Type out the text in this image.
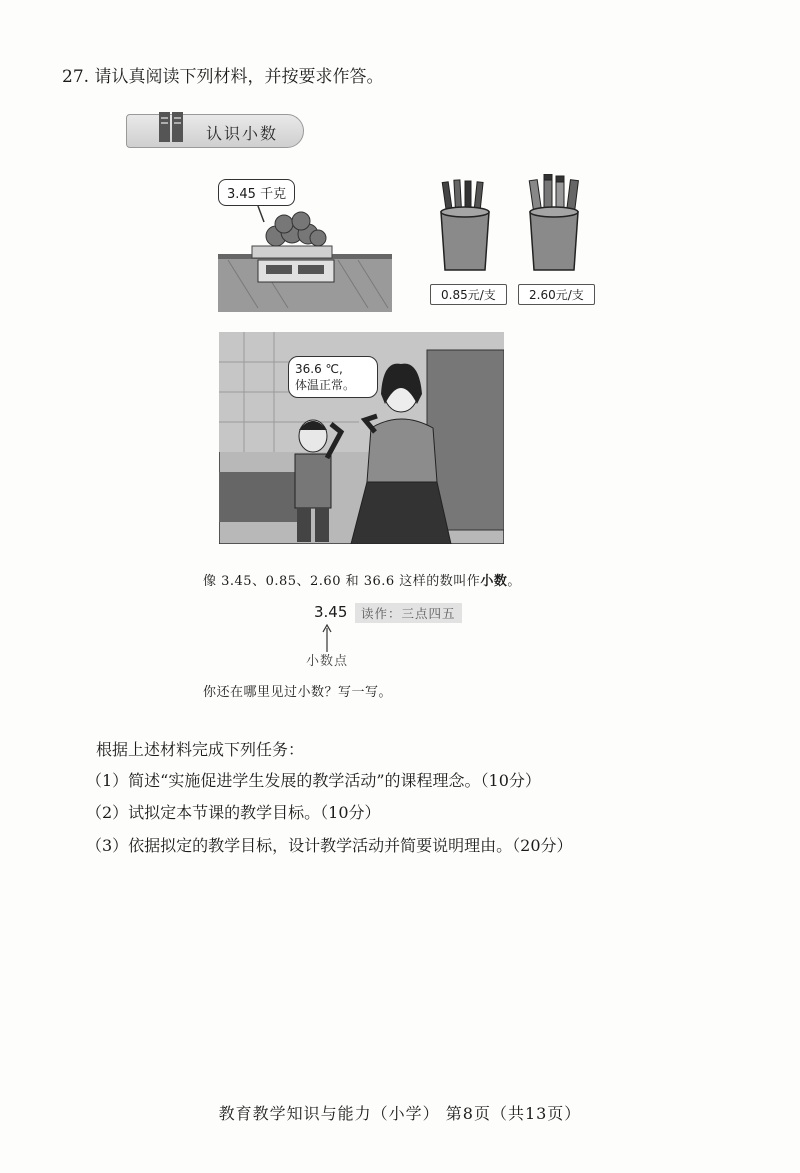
27. 请认真阅读下列材料，并按要求作答。
认识小数
3.45 千克
0.85元/支	2.60元/支
36.6 ℃,
体温正常。
像 3.45、0.85、2.60 和 36.6 这样的数叫作小数。
3.45	读作：三点四五
小数点
你还在哪里见过小数？写一写。
根据上述材料完成下列任务：
（1）简述“实施促进学生发展的教学活动”的课程理念。（10分）
（2）试拟定本节课的教学目标。（10分）
（3）依据拟定的教学目标，设计教学活动并简要说明理由。（20分）
教育教学知识与能力（小学） 第8页（共13页）
